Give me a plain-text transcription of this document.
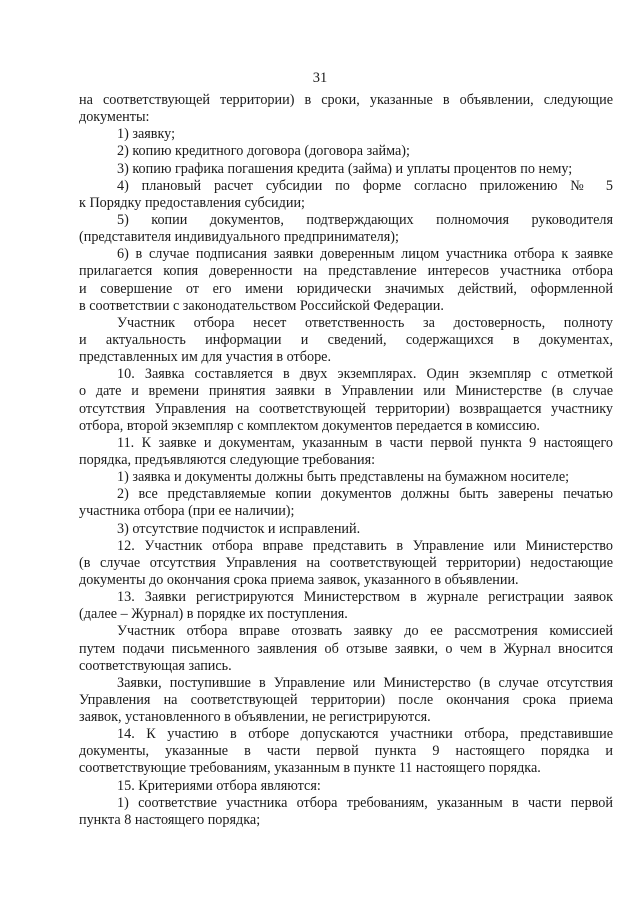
31
на соответствующей территории) в сроки, указанные в объявлении, следующие
документы:
1) заявку;
2) копию кредитного договора (договора займа);
3) копию графика погашения кредита (займа) и уплаты процентов по нему;
4) плановый расчет субсидии по форме согласно приложению № 5
к Порядку предоставления субсидии;
5) копии документов, подтверждающих полномочия руководителя
(представителя индивидуального предпринимателя);
6) в случае подписания заявки доверенным лицом участника отбора к заявке
прилагается копия доверенности на представление интересов участника отбора
и совершение от его имени юридически значимых действий, оформленной
в соответствии с законодательством Российской Федерации.
Участник отбора несет ответственность за достоверность, полноту
и актуальность информации и сведений, содержащихся в документах,
представленных им для участия в отборе.
10. Заявка составляется в двух экземплярах. Один экземпляр с отметкой
о дате и времени принятия заявки в Управлении или Министерстве (в случае
отсутствия Управления на соответствующей территории) возвращается участнику
отбора, второй экземпляр с комплектом документов передается в комиссию.
11. К заявке и документам, указанным в части первой пункта 9 настоящего
порядка, предъявляются следующие требования:
1) заявка и документы должны быть представлены на бумажном носителе;
2) все представляемые копии документов должны быть заверены печатью
участника отбора (при ее наличии);
3) отсутствие подчисток и исправлений.
12. Участник отбора вправе представить в Управление или Министерство
(в случае отсутствия Управления на соответствующей территории) недостающие
документы до окончания срока приема заявок, указанного в объявлении.
13. Заявки регистрируются Министерством в журнале регистрации заявок
(далее – Журнал) в порядке их поступления.
Участник отбора вправе отозвать заявку до ее рассмотрения комиссией
путем подачи письменного заявления об отзыве заявки, о чем в Журнал вносится
соответствующая запись.
Заявки, поступившие в Управление или Министерство (в случае отсутствия
Управления на соответствующей территории) после окончания срока приема
заявок, установленного в объявлении, не регистрируются.
14. К участию в отборе допускаются участники отбора, представившие
документы, указанные в части первой пункта 9 настоящего порядка и
соответствующие требованиям, указанным в пункте 11 настоящего порядка.
15. Критериями отбора являются:
1) соответствие участника отбора требованиям, указанным в части первой
пункта 8 настоящего порядка;
